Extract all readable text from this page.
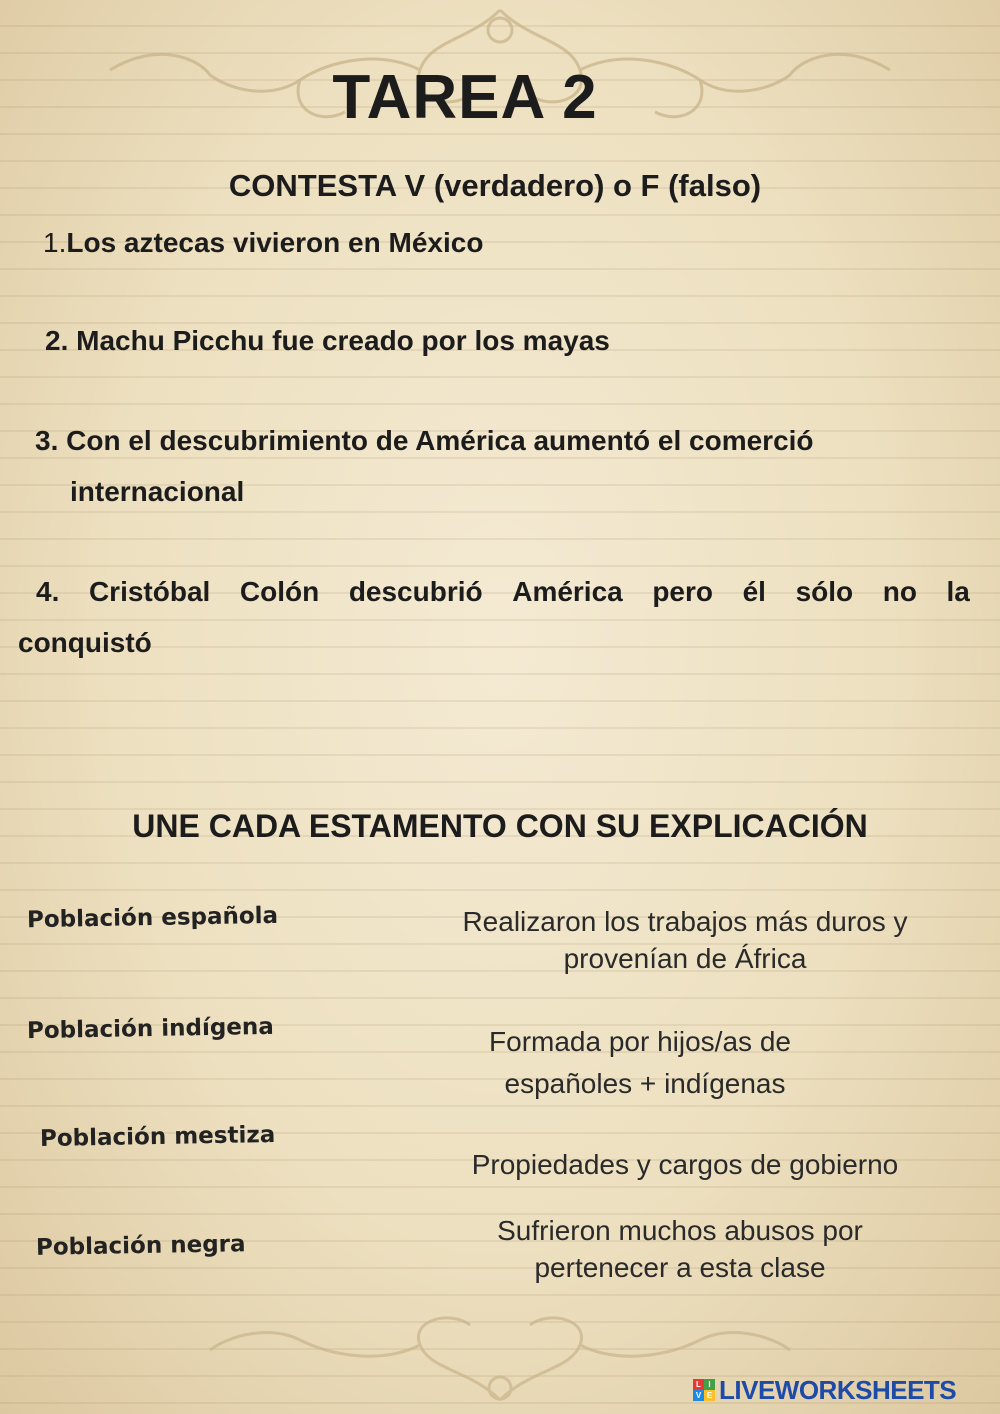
TAREA 2
CONTESTA V (verdadero) o F (falso)
1.Los aztecas vivieron en México
2. Machu Picchu fue creado por los mayas
3. Con el descubrimiento de América aumentó el comerció
internacional
4. Cristóbal Colón descubrió América pero él sólo no la
conquistó
UNE CADA ESTAMENTO CON SU EXPLICACIÓN
Población española
Población indígena
Población mestiza
Población negra
Realizaron los trabajos más duros y
provenían de África
Formada por hijos/as de
españoles + indígenas
Propiedades y cargos de gobierno
Sufrieron muchos abusos por
pertenecer a esta clase
L I
V E LIVEWORKSHEETS
